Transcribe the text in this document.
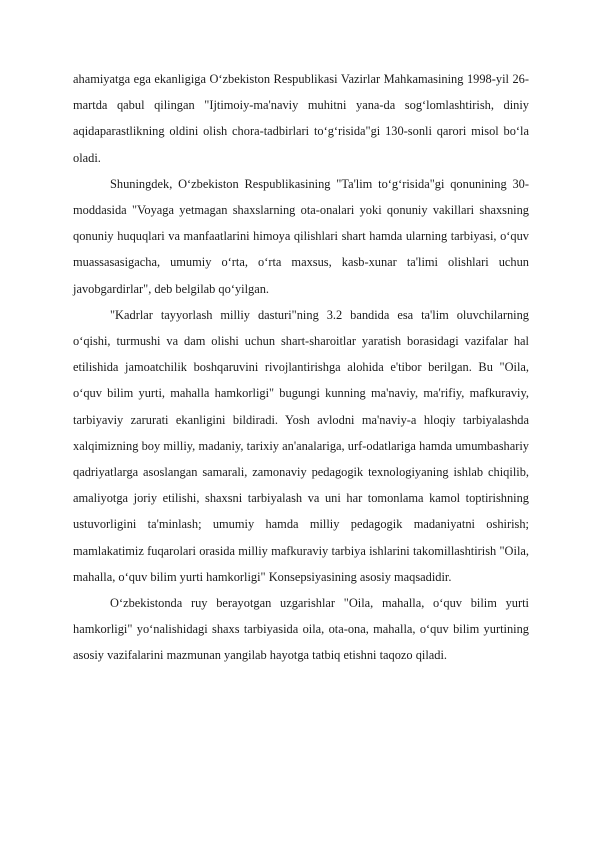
ahamiyatga ega ekanligiga O‘zbekiston Respublikasi Vazirlar Mahkamasining 1998-yil 26-martda qabul qilingan "Ijtimoiy-ma'naviy muhitni yana-da sog‘lomlashtirish, diniy aqidaparastlikning oldini olish chora-tadbirlari to‘g‘risida"gi 130-sonli qarori misol bo‘la oladi.

Shuningdek, O‘zbekiston Respublikasining "Ta'lim to‘g‘risida"gi qonunining 30-moddasida "Voyaga yetmagan shaxslarning ota-onalari yoki qonuniy vakillari shaxsning qonuniy huquqlari va manfaatlarini himoya qilishlari shart hamda ularning tarbiyasi, o‘quv muassasasigacha, umumiy o‘rta, o‘rta maxsus, kasb-xunar ta'limi olishlari uchun javobgardirlar", deb belgilab qo‘yilgan.

"Kadrlar tayyorlash milliy dasturi"ning 3.2 bandida esa ta'lim oluvchilarning o‘qishi, turmushi va dam olishi uchun shart-sharoitlar yaratish borasidagi vazifalar hal etilishida jamoatchilik boshqaruvini rivojlantirishga alohida e'tibor berilgan. Bu "Oila, o‘quv bilim yurti, mahalla hamkorligi" bugungi kunning ma'naviy, ma'rifiy, mafkuraviy, tarbiyaviy zarurati ekanligini bildiradi. Yosh avlodni ma'naviy-a hloqiy tarbiyalashda xalqimizning boy milliy, madaniy, tarixiy an'analariga, urf-odatlariga hamda umumbashariy qadriyatlarga asoslangan samarali, zamonaviy pedagogik texnologiyaning ishlab chiqilib, amaliyotga joriy etilishi, shaxsni tarbiyalash va uni har tomonlama kamol toptirishning ustuvorligini ta'minlash; umumiy hamda milliy pedagogik madaniyatni oshirish; mamlakatimiz fuqarolari orasida milliy mafkuraviy tarbiya ishlarini takomillashtirish "Oila, mahalla, o‘quv bilim yurti hamkorligi" Konsepsiyasining asosiy maqsadidir.

O‘zbekistonda ruy berayotgan uzgarishlar "Oila, mahalla, o‘quv bilim yurti hamkorligi" yo‘nalishidagi shaxs tarbiyasida oila, ota-ona, mahalla, o‘quv bilim yurtining asosiy vazifalarini mazmunan yangilab hayotga tatbiq etishni taqozo qiladi.
